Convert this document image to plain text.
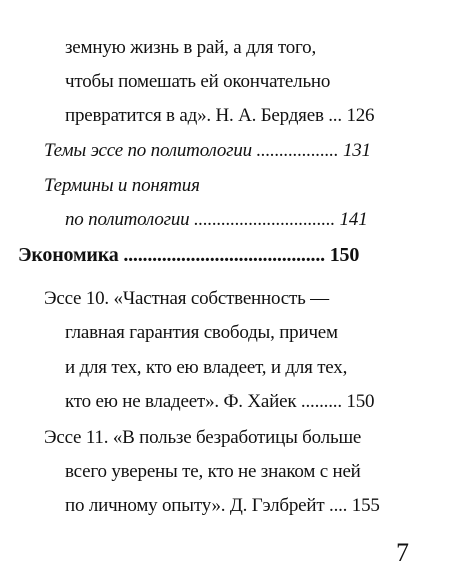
земную жизнь в рай, а для того,
чтобы помешать ей окончательно
превратится в ад». Н. А. Бердяев ... 126
Темы эссе по политологии .................. 131
Термины и понятия
по политологии ............................... 141
Экономика .......................................... 150
Эссе 10. «Частная собственность —
главная гарантия свободы, причем
и для тех, кто ею владеет, и для тех,
кто ею не владеет». Ф. Хайек ......... 150
Эссе 11. «В пользе безработицы больше
всего уверены те, кто не знаком с ней
по личному опыту». Д. Гэлбрейт .... 155
7
